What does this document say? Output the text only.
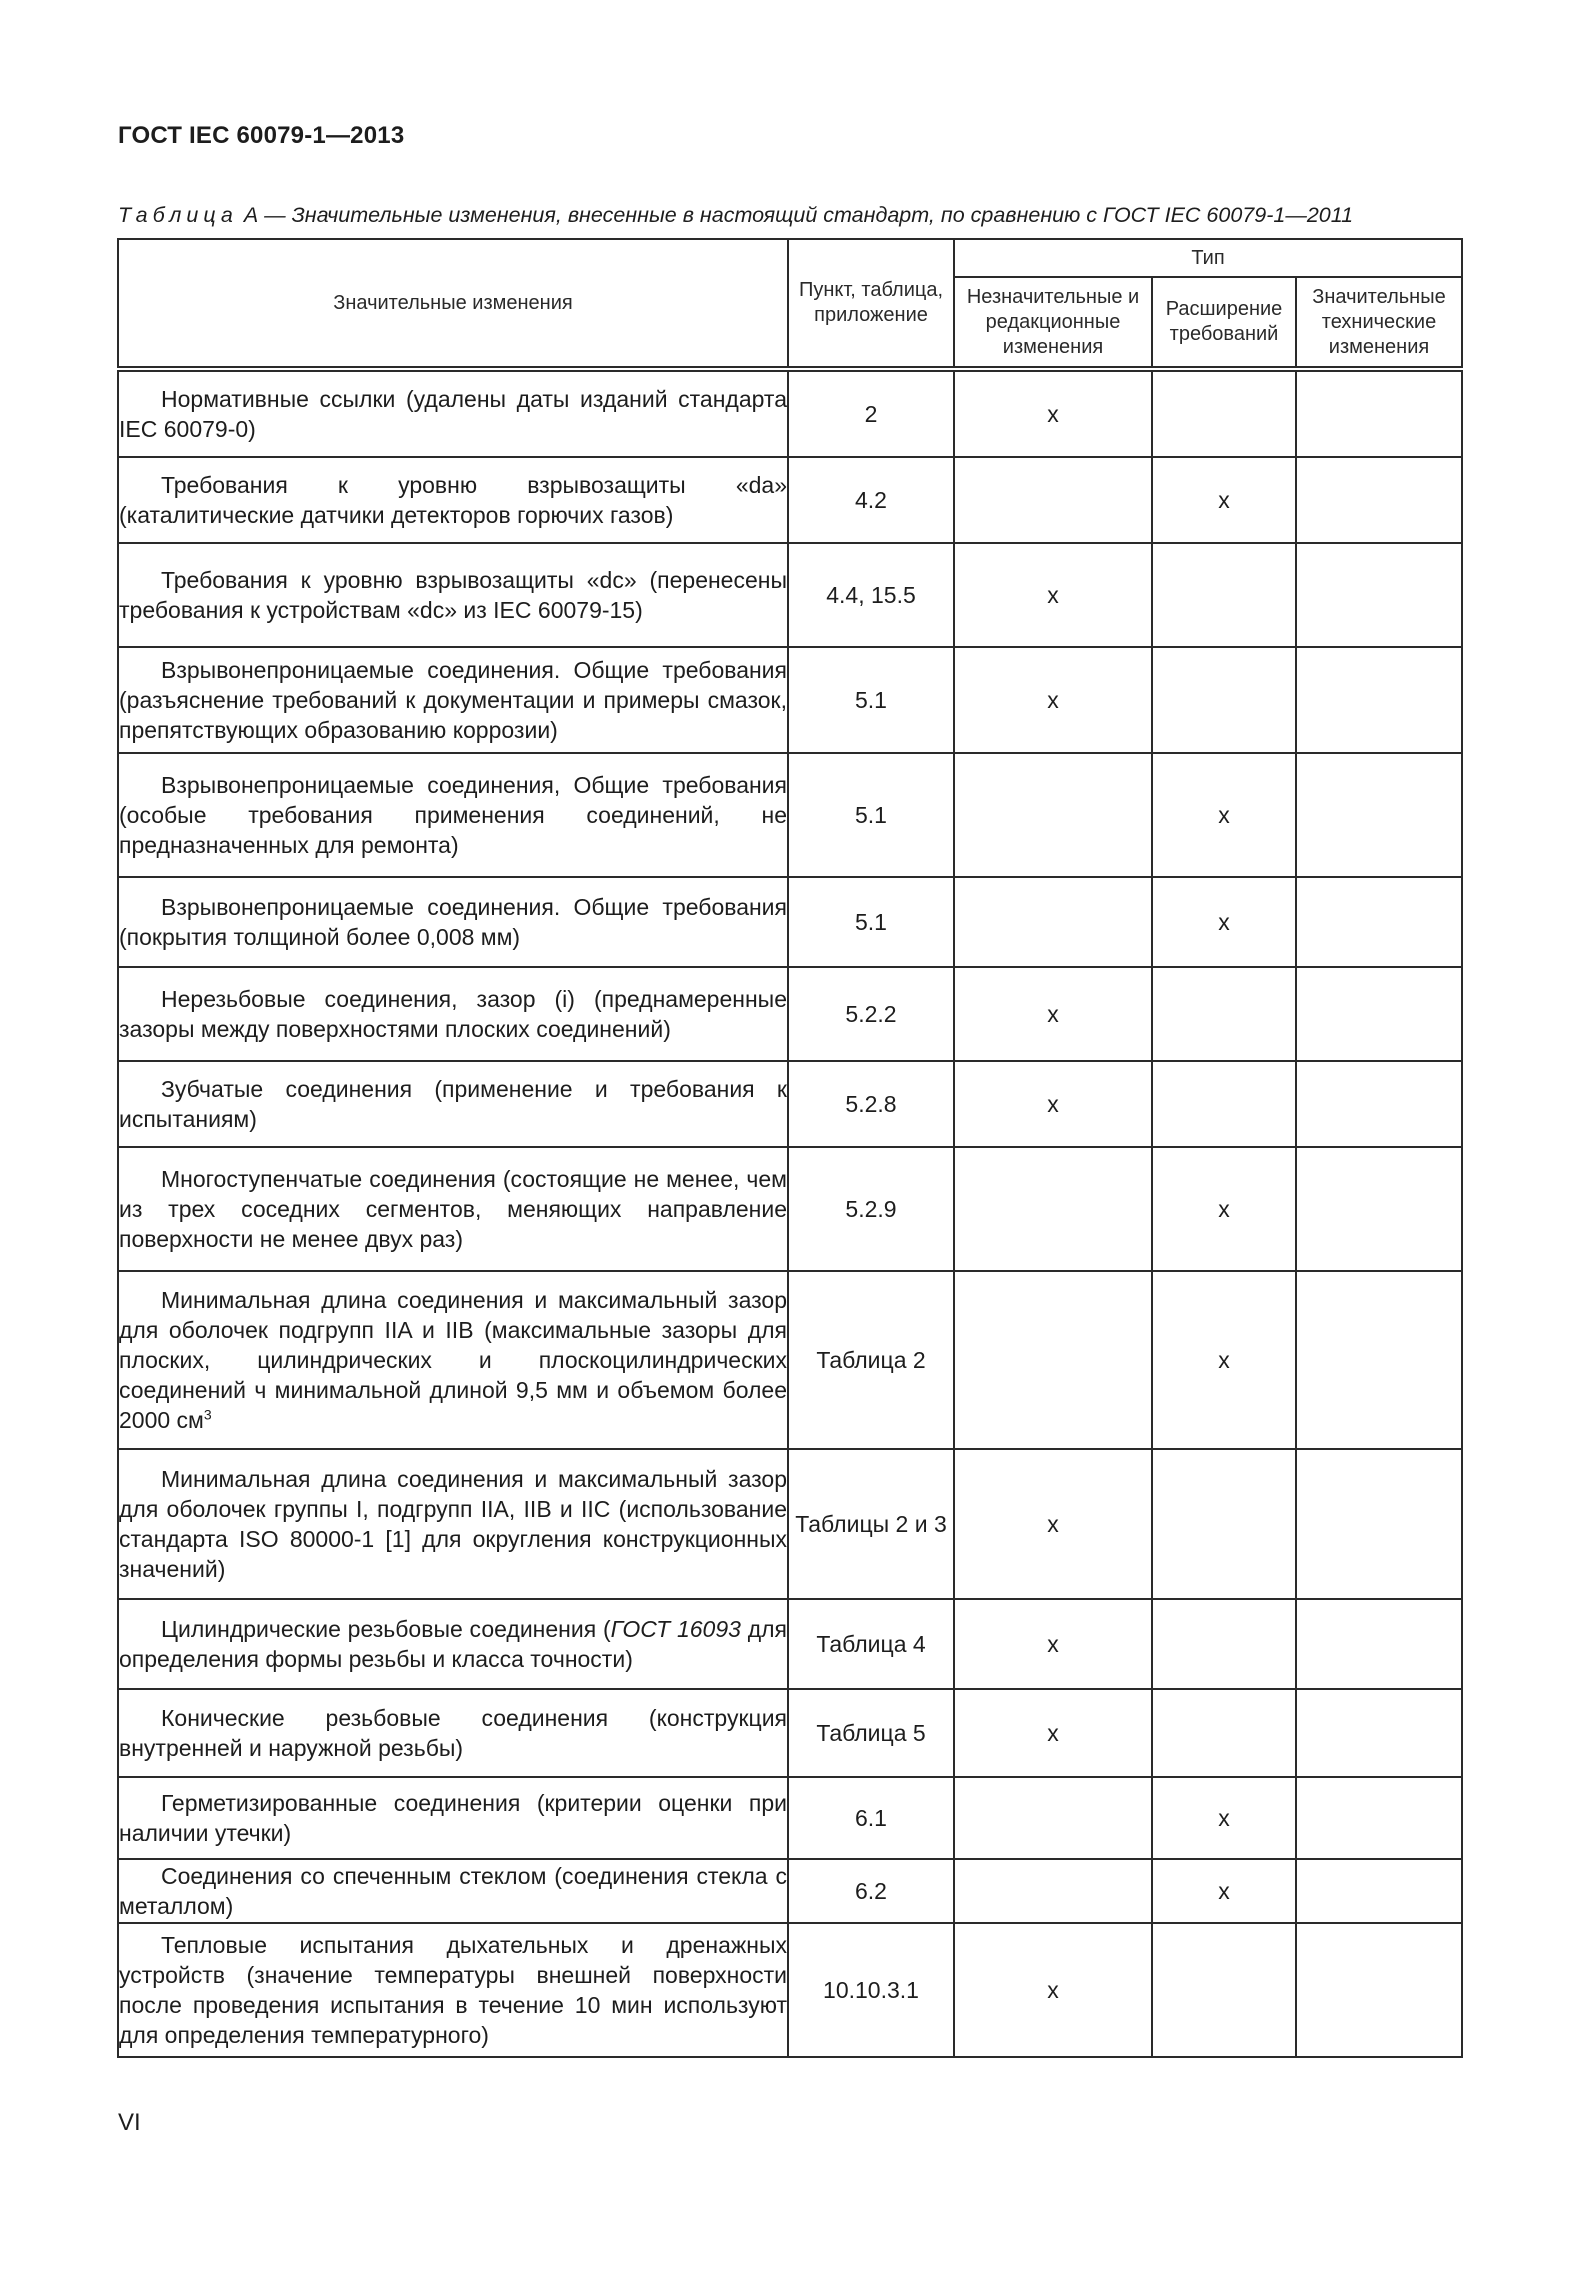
ГОСТ IEC 60079-1—2013
Таблица А — Значительные изменения, внесенные в настоящий стандарт, по сравнению с ГОСТ IEC 60079-1—2011
Значительные изменения	Пункт, таблица, приложение	Тип		
		Незначительные и редакционные изменения	Расширение требований	Значительные технические изменения
Нормативные ссылки (удалены даты изданий стандарта IEC 60079-0)	2	x		
Требования к уровню взрывозащиты «da» (каталитические датчики детекторов горючих газов)	4.2		x	
Требования к уровню взрывозащиты «dc» (перенесены требования к устройствам «dc» из IEC 60079-15)	4.4, 15.5	x		
Взрывонепроницаемые соединения. Общие требования (разъяснение требований к документации и примеры смазок, препятствующих образованию коррозии)	5.1	x		
Взрывонепроницаемые соединения, Общие требования (особые требования применения соединений, не предназначенных для ремонта)	5.1		x	
Взрывонепроницаемые соединения. Общие требования (покрытия толщиной более 0,008 мм)	5.1		x	
Нерезьбовые соединения, зазор (i) (преднамеренные зазоры между поверхностями плоских соединений)	5.2.2	x		
Зубчатые соединения (применение и требования к испытаниям)	5.2.8	x		
Многоступенчатые соединения (состоящие не менее, чем из трех соседних сегментов, меняющих направление поверхности не менее двух раз)	5.2.9		x	
Минимальная длина соединения и максимальный зазор для оболочек подгрупп IIA и IIB (максимальные зазоры для плоских, цилиндрических и плоскоцилиндрических соединений ч минимальной длиной 9,5 мм и объемом более 2000 $см^3$	Таблица 2		x	
Минимальная длина соединения и максимальный зазор для оболочек группы I, подгрупп IIA, IIB и IIC (использование стандарта ISO 80000-1 [1] для округления конструкционных значений)	Таблицы 2 и 3	x		
Цилиндрические резьбовые соединения (ГОСТ 16093 для определения формы резьбы и класса точности)	Таблица 4	x		
Конические резьбовые соединения (конструкция внутренней и наружной резьбы)	Таблица 5	x		
Герметизированные соединения (критерии оценки при наличии утечки)	6.1		x	
Соединения со спеченным стеклом (соединения стекла с металлом)	6.2		x	
Тепловые испытания дыхательных и дренажных устройств (значение температуры внешней поверхности после проведения испытания в течение 10 мин используют для определения температурного)	10.10.3.1	x		
VI
